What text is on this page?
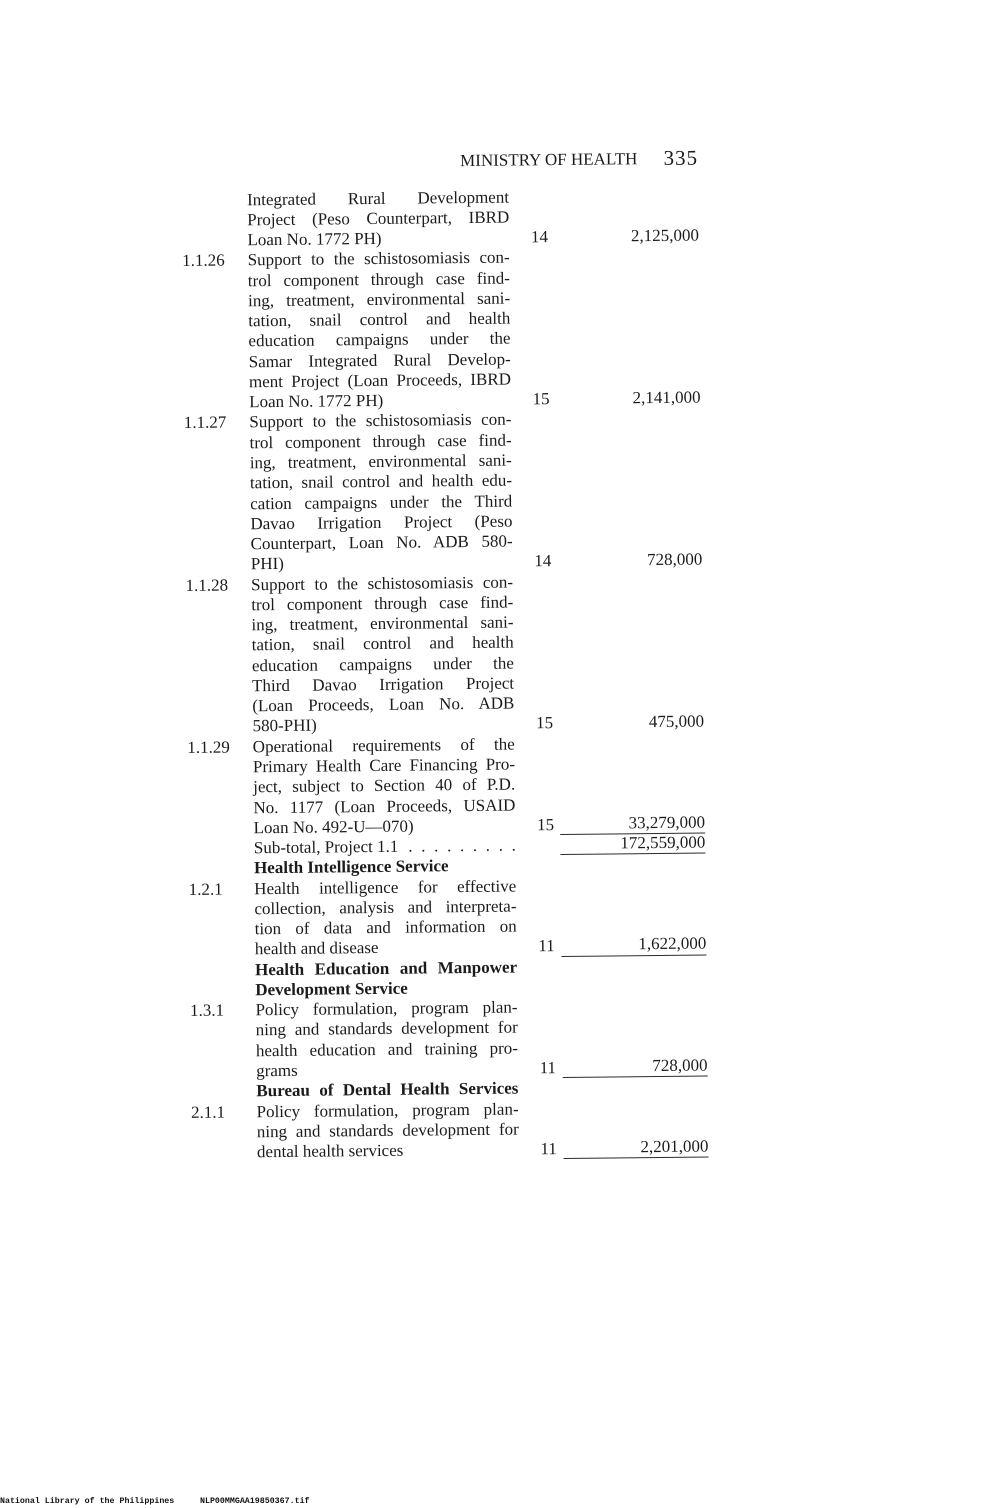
MINISTRY OF HEALTH 335
Integrated Rural Development
Project (Peso Counterpart, IBRD
Loan No. 1772 PH)	14	2,125,000
1.1.26	Support to the schistosomiasis con-
trol component through case find-
ing, treatment, environmental sani-
tation, snail control and health
education campaigns under the
Samar Integrated Rural Develop-
ment Project (Loan Proceeds, IBRD
Loan No. 1772 PH)	15	2,141,000
1.1.27	Support to the schistosomiasis con-
trol component through case find-
ing, treatment, environmental sani-
tation, snail control and health edu-
cation campaigns under the Third
Davao Irrigation Project (Peso
Counterpart, Loan No. ADB 580-
PHI)	14	728,000
1.1.28	Support to the schistosomiasis con-
trol component through case find-
ing, treatment, environmental sani-
tation, snail control and health
education campaigns under the
Third Davao Irrigation Project
(Loan Proceeds, Loan No. ADB
580-PHI)	15	475,000
1.1.29	Operational requirements of the
Primary Health Care Financing Pro-
ject, subject to Section 40 of P.D.
No. 1177 (Loan Proceeds, USAID
Loan No. 492-U—070)	15	33,279,000
Sub-total, Project 1.1 . . . . . . . . .	172,559,000
Health Intelligence Service
1.2.1	Health intelligence for effective
collection, analysis and interpreta-
tion of data and information on
health and disease	11	1,622,000
Health Education and Manpower
Development Service
1.3.1	Policy formulation, program plan-
ning and standards development for
health education and training pro-
grams	11	728,000
Bureau of Dental Health Services
2.1.1	Policy formulation, program plan-
ning and standards development for
dental health services	11	2,201,000
National Library of the Philippines	NLP00MMGAA19850367.tif
